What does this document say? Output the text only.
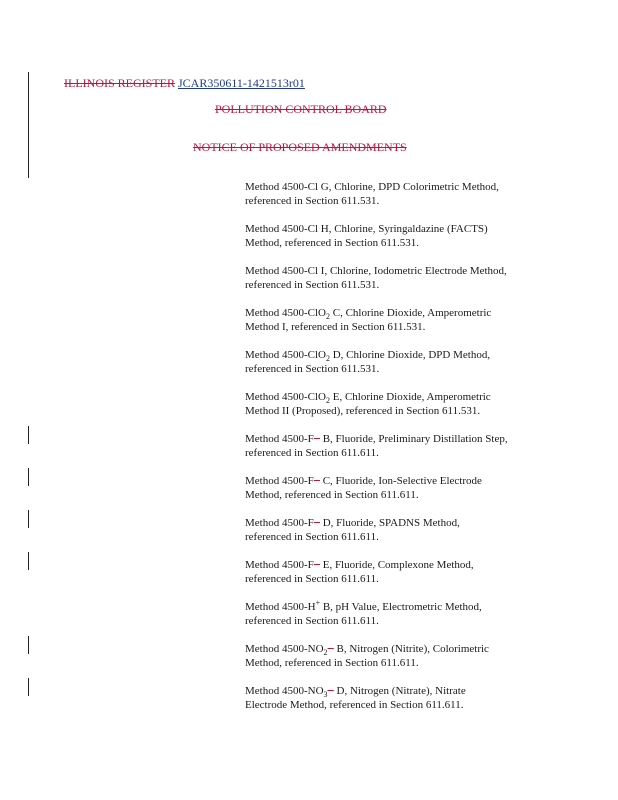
ILLINOIS REGISTER JCAR350611-1421513r01
POLLUTION CONTROL BOARD
NOTICE OF PROPOSED AMENDMENTS
Method 4500-Cl G, Chlorine, DPD Colorimetric Method,
referenced in Section 611.531.
Method 4500-Cl H, Chlorine, Syringaldazine (FACTS)
Method, referenced in Section 611.531.
Method 4500-Cl I, Chlorine, Iodometric Electrode Method,
referenced in Section 611.531.
Method 4500-ClO$_2$ C, Chlorine Dioxide, Amperometric
Method I, referenced in Section 611.531.
Method 4500-ClO$_2$ D, Chlorine Dioxide, DPD Method,
referenced in Section 611.531.
Method 4500-ClO$_2$ E, Chlorine Dioxide, Amperometric
Method II (Proposed), referenced in Section 611.531.
Method 4500-F− B, Fluoride, Preliminary Distillation Step,
referenced in Section 611.611.
Method 4500-F− C, Fluoride, Ion-Selective Electrode
Method, referenced in Section 611.611.
Method 4500-F− D, Fluoride, SPADNS Method,
referenced in Section 611.611.
Method 4500-F− E, Fluoride, Complexone Method,
referenced in Section 611.611.
Method 4500-H+ B, pH Value, Electrometric Method,
referenced in Section 611.611.
Method $4500-NO_2- B$, Nitrogen (Nitrite), Colorimetric
Method, referenced in Section 611.611.
Method $4500-NO_3- D$, Nitrogen (Nitrate), Nitrate
Electrode Method, referenced in Section 611.611.
